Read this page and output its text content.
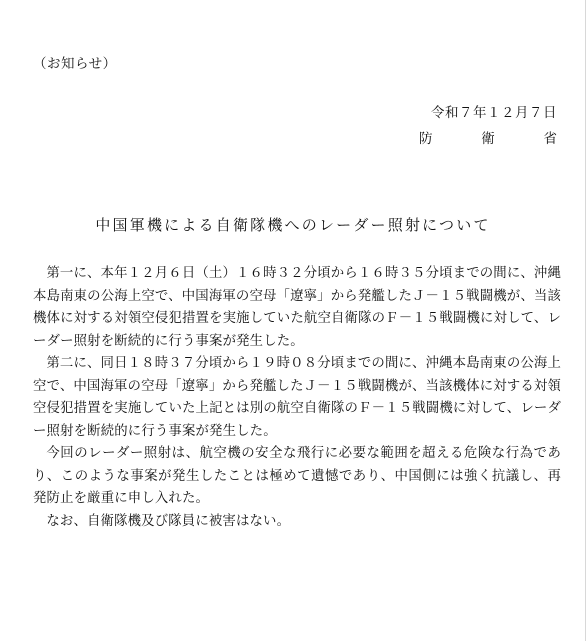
（お知らせ）
令和７年１２月７日
防	衛	省
中国軍機による自衛隊機へのレーダー照射について

第一に、本年１２月６日（土）１６時３２分頃から１６時３５分頃までの間に、沖縄本島南東の公海上空で、中国海軍の空母「遼寧」から発艦したＪ－１５戦闘機が、当該機体に対する対領空侵犯措置を実施していた航空自衛隊のＦ－１５戦闘機に対して、レーダー照射を断続的に行う事案が発生した。

第二に、同日１８時３７分頃から１９時０８分頃までの間に、沖縄本島南東の公海上空で、中国海軍の空母「遼寧」から発艦したＪ－１５戦闘機が、当該機体に対する対領空侵犯措置を実施していた上記とは別の航空自衛隊のＦ－１５戦闘機に対して、レーダー照射を断続的に行う事案が発生した。

今回のレーダー照射は、航空機の安全な飛行に必要な範囲を超える危険な行為であり、このような事案が発生したことは極めて遺憾であり、中国側には強く抗議し、再発防止を厳重に申し入れた。

なお、自衛隊機及び隊員に被害はない。
